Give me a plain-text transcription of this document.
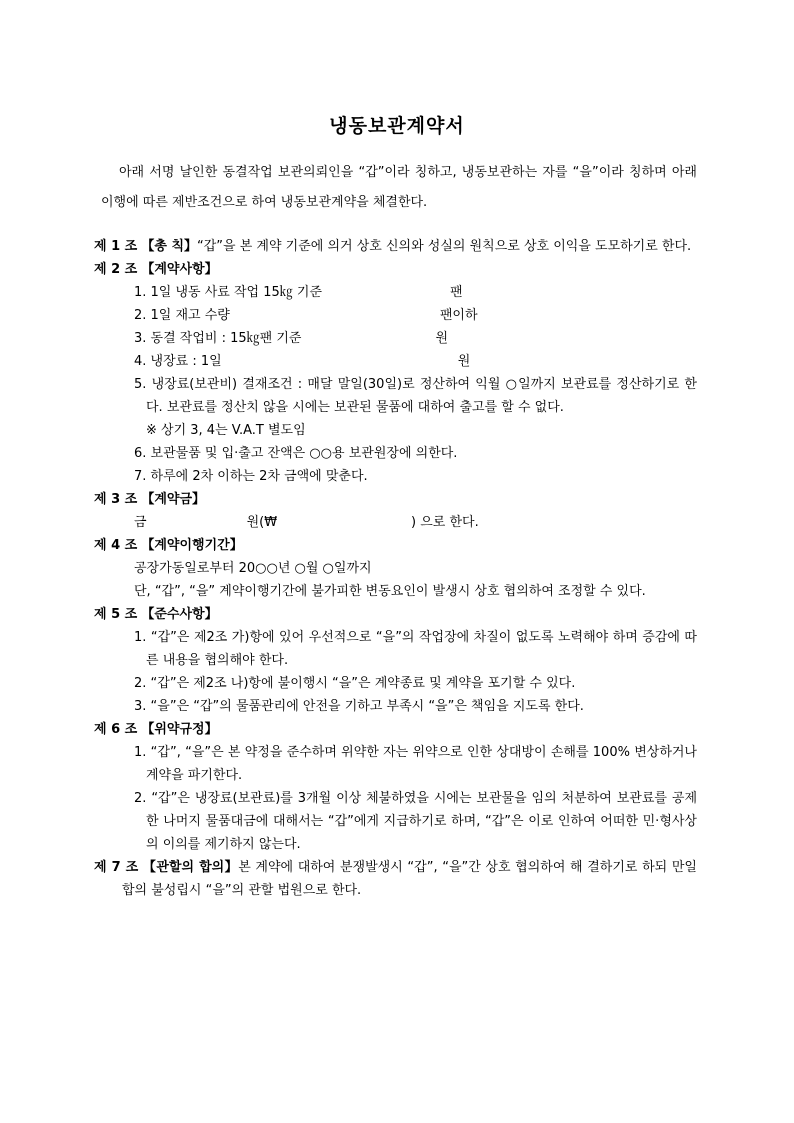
냉동보관계약서

아래 서명 날인한 동결작업 보관의뢰인을 “갑”이라 칭하고, 냉동보관하는 자를 “을”이라 칭하며 아래 이행에 따른 제반조건으로 하여 냉동보관계약을 체결한다.

제 1 조 【총 칙】“갑”을 본 계약 기준에 의거 상호 신의와 성실의 원칙으로 상호 이익을 도모하기로 한다.

제 2 조 【계약사항】

1. 1일 냉동 사료 작업 15㎏ 기준	팬

2. 1일 재고 수량	팬이하

3. 동결 작업비 : 15㎏팬 기준	원

4. 냉장료 : 1일	원

5. 냉장료(보관비) 결재조건 : 매달 말일(30일)로 정산하여 익월 ○일까지 보관료를 정산하기로 한다. 보관료를 정산치 않을 시에는 보관된 물품에 대하여 출고를 할 수 없다.

※ 상기 3, 4는 V.A.T 별도임

6. 보관물품 및 입·출고 잔액은 ○○용 보관원장에 의한다.

7. 하루에 2차 이하는 2차 금액에 맞춘다.

제 3 조 【계약금】

금	원(₩	) 으로 한다.

제 4 조 【계약이행기간】

공장가동일로부터 20○○년 ○월 ○일까지

단, “갑”, “을” 계약이행기간에 불가피한 변동요인이 발생시 상호 협의하여 조정할 수 있다.

제 5 조 【준수사항】

1. “갑”은 제2조 가)항에 있어 우선적으로 “을”의 작업장에 차질이 없도록 노력해야 하며 증감에 따른 내용을 협의해야 한다.

2. “갑”은 제2조 나)항에 불이행시 “을”은 계약종료 및 계약을 포기할 수 있다.

3. “을”은 “갑”의 물품관리에 안전을 기하고 부족시 “을”은 책임을 지도록 한다.

제 6 조 【위약규정】

1. “갑”, “을”은 본 약정을 준수하며 위약한 자는 위약으로 인한 상대방이 손해를 100% 변상하거나 계약을 파기한다.

2. “갑”은 냉장료(보관료)를 3개월 이상 체불하였을 시에는 보관물을 임의 처분하여 보관료를 공제한 나머지 물품대금에 대해서는 “갑”에게 지급하기로 하며, “갑”은 이로 인하여 어떠한 민·형사상의 이의를 제기하지 않는다.

제 7 조 【관할의 합의】본 계약에 대하여 분쟁발생시 “갑”, “을”간 상호 협의하여 해 결하기로 하되 만일 합의 불성립시 “을”의 관할 법원으로 한다.
